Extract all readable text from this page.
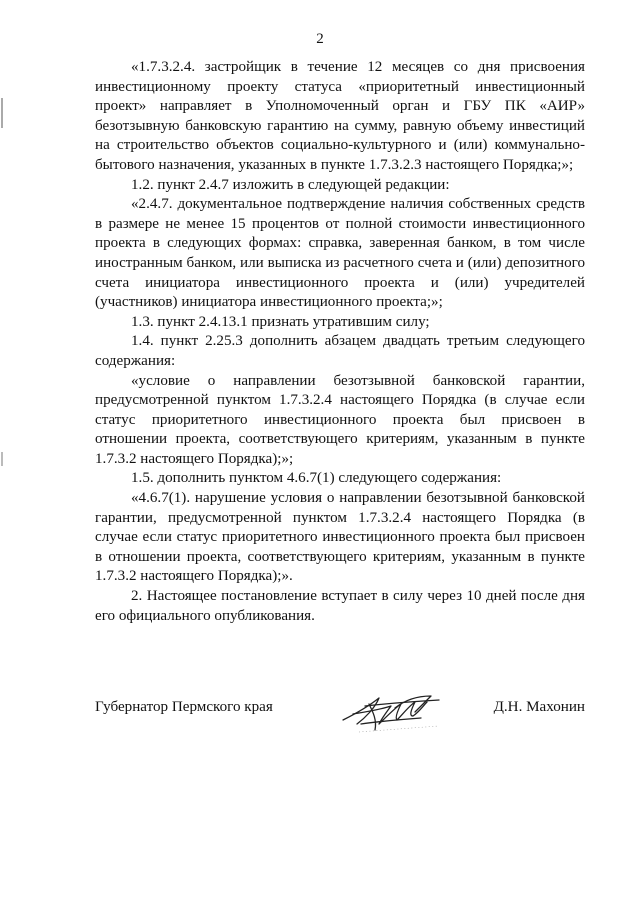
2

«1.7.3.2.4. застройщик в течение 12 месяцев со дня присвоения инвестиционному проекту статуса «приоритетный инвестиционный проект» направляет в Уполномоченный орган и ГБУ ПК «АИР» безотзывную банковскую гарантию на сумму, равную объему инвестиций на строительство объектов социально-культурного и (или) коммунально-бытового назначения, указанных в пункте 1.7.3.2.3 настоящего Порядка;»;

1.2. пункт 2.4.7 изложить в следующей редакции:

«2.4.7. документальное подтверждение наличия собственных средств в размере не менее 15 процентов от полной стоимости инвестиционного проекта в следующих формах: справка, заверенная банком, в том числе иностранным банком, или выписка из расчетного счета и (или) депозитного счета инициатора инвестиционного проекта и (или) учредителей (участников) инициатора инвестиционного проекта;»;

1.3. пункт 2.4.13.1 признать утратившим силу;

1.4. пункт 2.25.3 дополнить абзацем двадцать третьим следующего содержания:

«условие о направлении безотзывной банковской гарантии, предусмотренной пунктом 1.7.3.2.4 настоящего Порядка (в случае если статус приоритетного инвестиционного проекта был присвоен в отношении проекта, соответствующего критериям, указанным в пункте 1.7.3.2 настоящего Порядка);»;

1.5. дополнить пунктом 4.6.7(1) следующего содержания:

«4.6.7(1). нарушение условия о направлении безотзывной банковской гарантии, предусмотренной пунктом 1.7.3.2.4 настоящего Порядка (в случае если статус приоритетного инвестиционного проекта был присвоен в отношении проекта, соответствующего критериям, указанным в пункте 1.7.3.2 настоящего Порядка);».

2. Настоящее постановление вступает в силу через 10 дней после дня его официального опубликования.

Губернатор Пермского края	Д.Н. Махонин
